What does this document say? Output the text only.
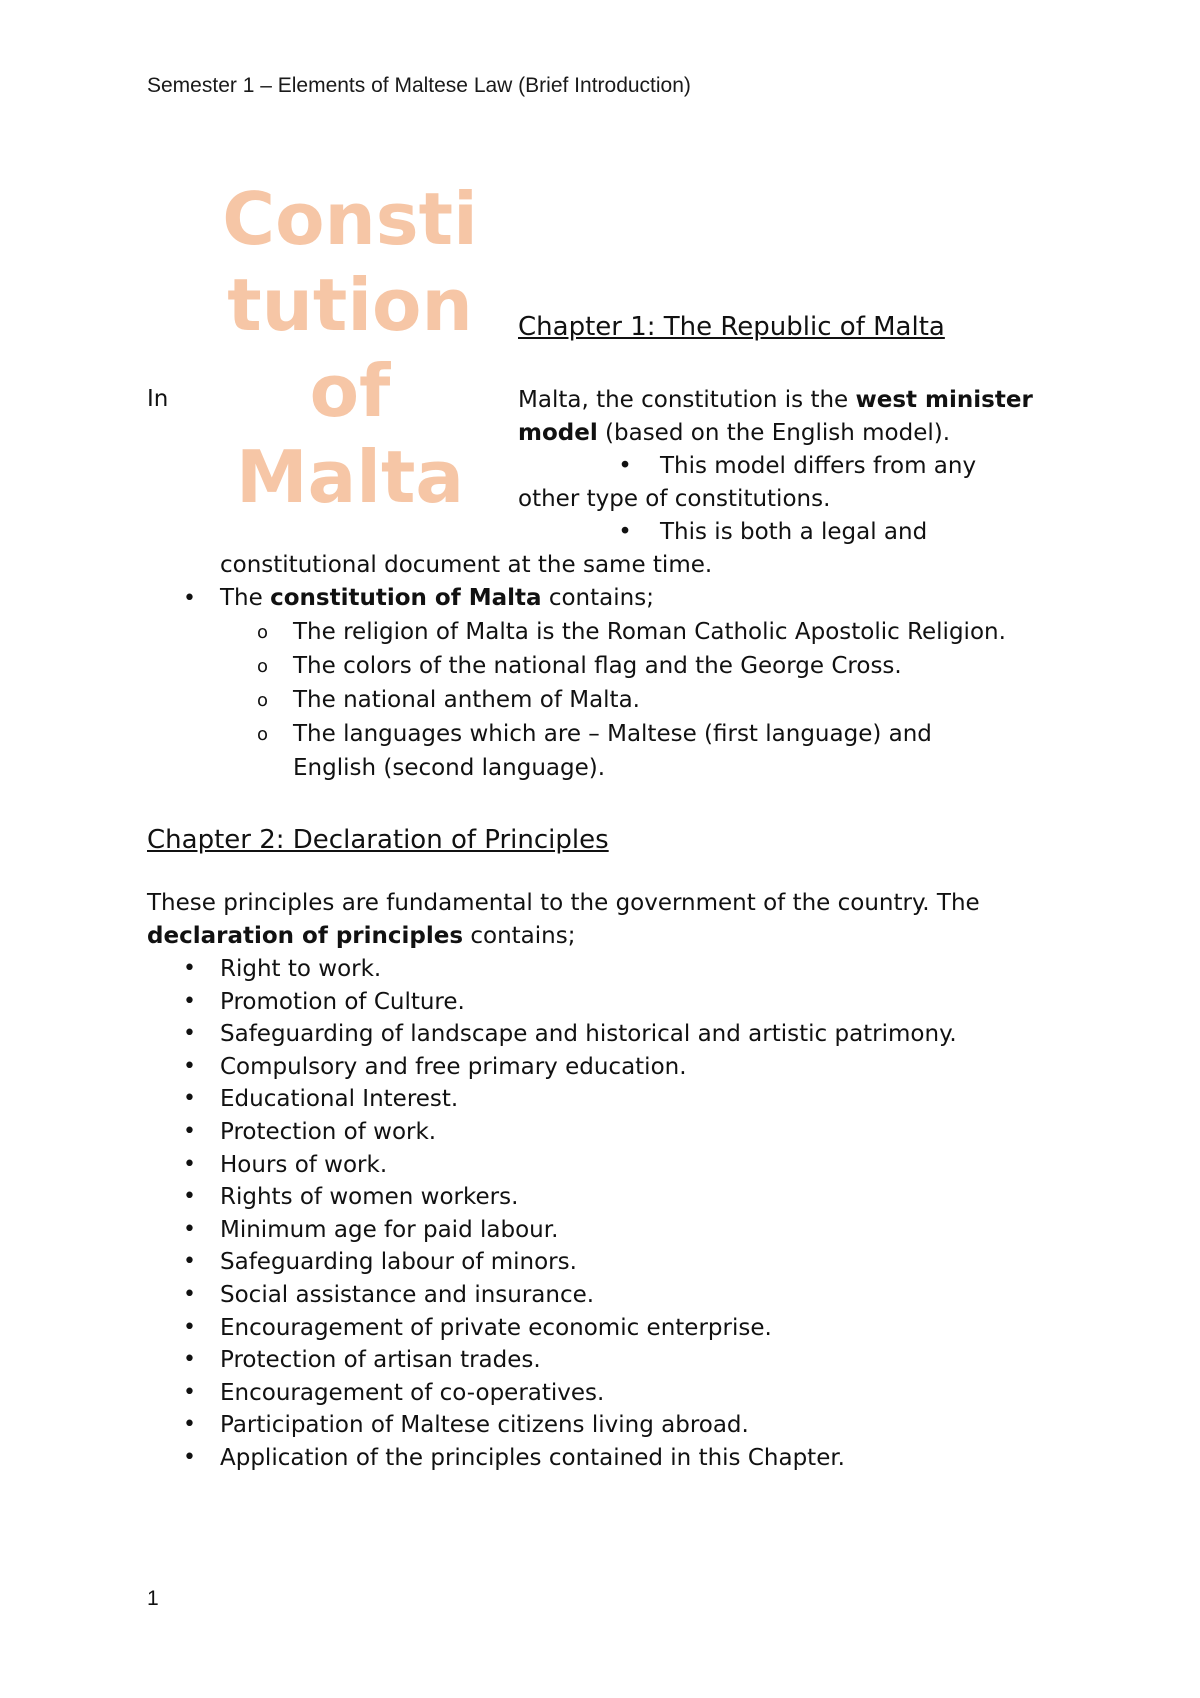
Semester 1 – Elements of Maltese Law (Brief Introduction)
Consti
tution
of
Malta
Chapter 1: The Republic of Malta
In	Malta, the constitution is the west minister model (based on the English model).

•	This model differs from any

other type of constitutions.

•	This is both a legal and
constitutional document at the same time.
• The constitution of Malta contains;
o The religion of Malta is the Roman Catholic Apostolic Religion.
o The colors of the national flag and the George Cross.
o The national anthem of Malta.
o The languages which are – Maltese (first language) and English (second language).
Chapter 2: Declaration of Principles

These principles are fundamental to the government of the country. The declaration of principles contains;

• Right to work.
• Promotion of Culture.
• Safeguarding of landscape and historical and artistic patrimony.
• Compulsory and free primary education.
• Educational Interest.
• Protection of work.
• Hours of work.
• Rights of women workers.
• Minimum age for paid labour.
• Safeguarding labour of minors.
• Social assistance and insurance.
• Encouragement of private economic enterprise.
• Protection of artisan trades.
• Encouragement of co-operatives.
• Participation of Maltese citizens living abroad.
• Application of the principles contained in this Chapter.
1
